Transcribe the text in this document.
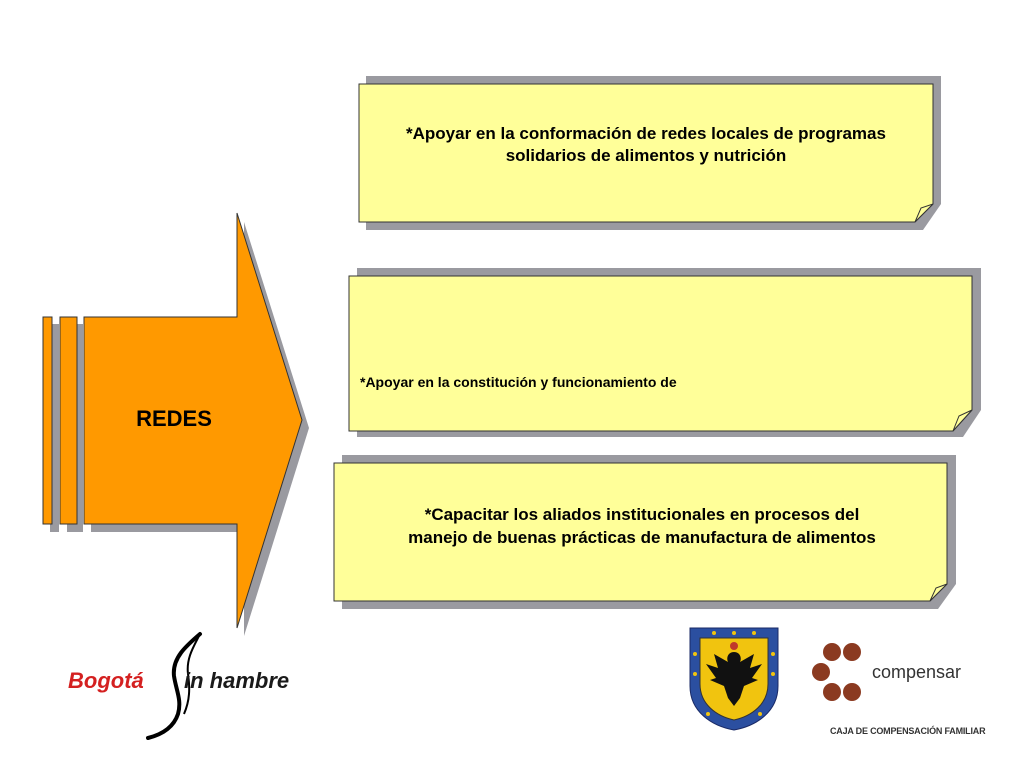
REDES
*Apoyar en la conformación de redes locales de programas
solidarios de alimentos y nutrición

*Apoyar en la constitución y funcionamiento de

*Capacitar los aliados institucionales en procesos del
manejo de buenas prácticas de manufactura de alimentos
Bogotá in hambre	compensar
CAJA DE COMPENSACIÓN FAMILIAR
